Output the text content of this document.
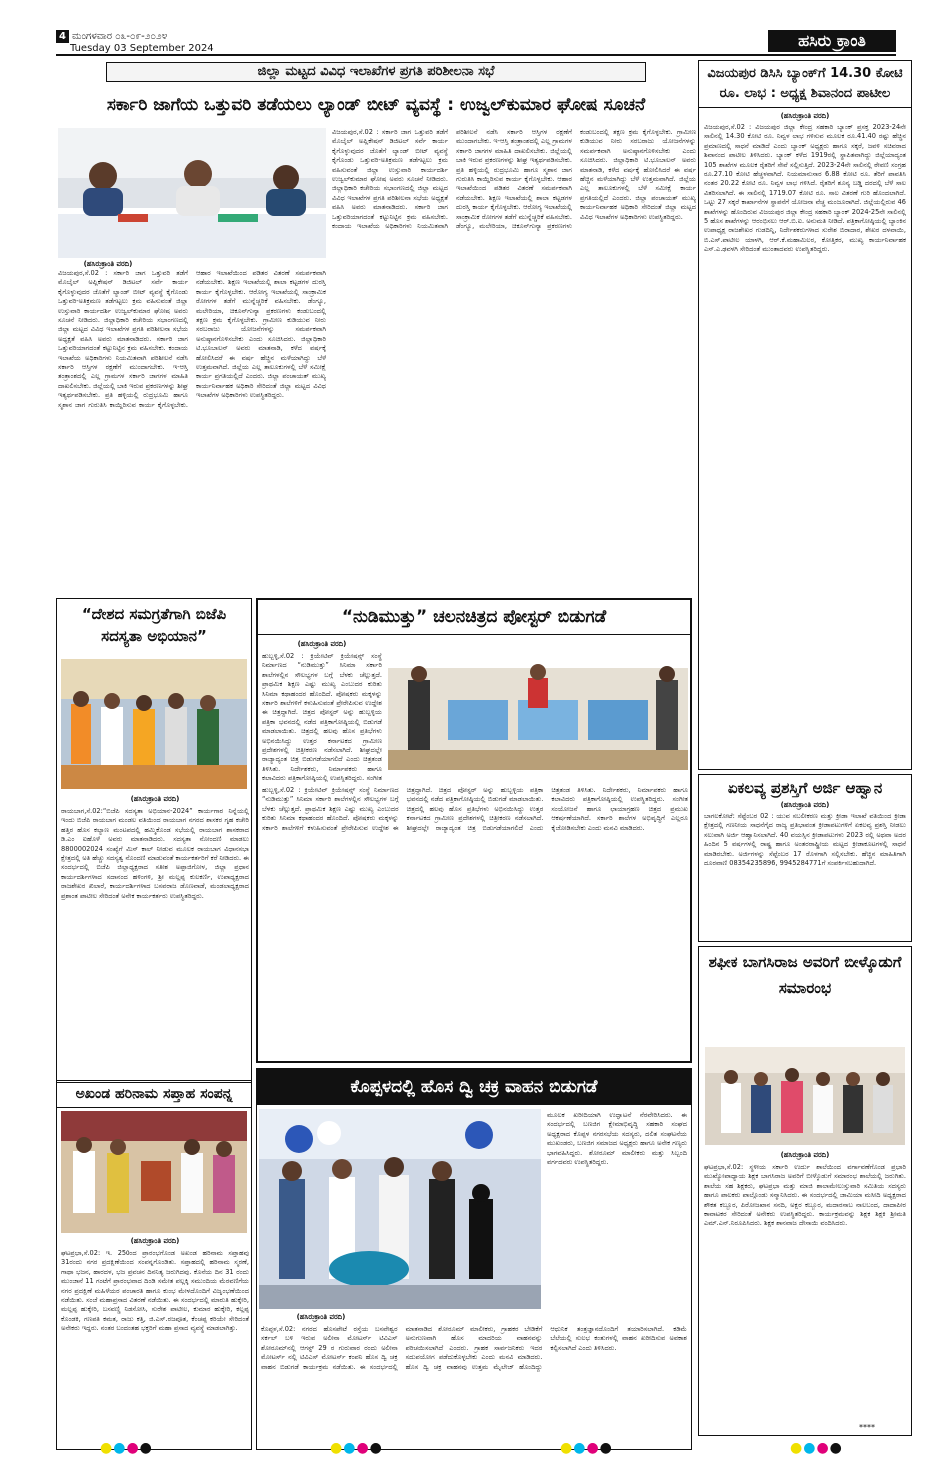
4 ಮಂಗಳವಾರ ೦೩-೦೯-೨೦೨೪
Tuesday 03 September 2024	ಹಸಿರು ಕ್ರಾಂತಿ
ಜಿಲ್ಲಾ ಮಟ್ಟದ ವಿವಿಧ ಇಲಾಖೆಗಳ ಪ್ರಗತಿ ಪರಿಶೀಲನಾ ಸಭೆ
ಸರ್ಕಾರಿ ಜಾಗೆಯ ಒತ್ತುವರಿ ತಡೆಯಲು ಲ್ಯಾಂಡ್ ಬೀಟ್ ವ್ಯವಸ್ಥೆ : ಉಜ್ವಲ್‌ಕುಮಾರ ಘೋಷ ಸೂಚನೆ
(ಹಸಿರುಕ್ರಾಂತಿ ವರದಿ)
ವಿಜಯಪುರ,ಸೆ.02 : ಸರ್ಕಾರಿ ಜಾಗ ಒತ್ತುವರಿ ತಡೆಗೆ ಮೊಬೈಲ್ ಅಪ್ಲಿಕೇಷನ್ ಡಿಜಿಟಲ್ ಸರ್ವೆ ಕಾರ್ಯ ಕೈಗೊಳ್ಳುವುದರ ಜೊತೆಗೆ ಲ್ಯಾಂಡ್ ಬೀಟ್ ವ್ಯವಸ್ಥೆ ಕೈಗೊಂಡು ಒತ್ತುವರಿ-ಅತಿಕ್ರಮಣ ತಡೆಗಟ್ಟಲು ಕ್ರಮ ವಹಿಸುವಂತೆ ಜಿಲ್ಲಾ ಉಸ್ತುವಾರಿ ಕಾರ್ಯದರ್ಶಿ ಉಜ್ವಲ್‌ಕುಮಾರ ಘೋಷ ಅವರು ಸೂಚನೆ ನೀಡಿದರು. ಜಿಲ್ಲಾಧಿಕಾರಿ ಕಚೇರಿಯ ಸಭಾಂಗಣದಲ್ಲಿ ಜಿಲ್ಲಾ ಮಟ್ಟದ ವಿವಿಧ ಇಲಾಖೆಗಳ ಪ್ರಗತಿ ಪರಿಶೀಲನಾ ಸಭೆಯ ಅಧ್ಯಕ್ಷತೆ ವಹಿಸಿ ಅವರು ಮಾತನಾಡಿದರು. ಸರ್ಕಾರಿ ಜಾಗ ಒತ್ತುವರಿಯಾಗದಂತೆ ಕಟ್ಟುನಿಟ್ಟಿನ ಕ್ರಮ ವಹಿಸಬೇಕು. ಕಂದಾಯ ಇಲಾಖೆಯ ಅಧಿಕಾರಿಗಳು ನಿಯಮಿತವಾಗಿ ಪರಿಶೀಲನೆ ನಡೆಸಿ ಸರ್ಕಾರಿ ಆಸ್ತಿಗಳ ರಕ್ಷಣೆಗೆ ಮುಂದಾಗಬೇಕು. ಇ-ಆಸ್ತಿ ತಂತ್ರಾಂಶದಲ್ಲಿ ಎಲ್ಲ ಗ್ರಾಮಗಳ ಸರ್ಕಾರಿ ಜಾಗಗಳ ಮಾಹಿತಿ ದಾಖಲಿಸಬೇಕು. ಜಿಲ್ಲೆಯಲ್ಲಿ ಬಾಕಿ ಇರುವ ಪ್ರಕರಣಗಳನ್ನು ಶೀಘ್ರ ಇತ್ಯರ್ಥಪಡಿಸಬೇಕು. ಪ್ರತಿ ಹಳ್ಳಿಯಲ್ಲಿ ರುದ್ರಭೂಮಿ ಹಾಗೂ ಸ್ಮಶಾನ ಜಾಗ ಗುರುತಿಸಿ ಕಾಯ್ದಿರಿಸುವ ಕಾರ್ಯ ಕೈಗೊಳ್ಳಬೇಕು. ಆಹಾರ ಇಲಾಖೆಯಿಂದ ಪಡಿತರ ವಿತರಣೆ ಸಮರ್ಪಕವಾಗಿ ನಡೆಯಬೇಕು. ಶಿಕ್ಷಣ ಇಲಾಖೆಯಲ್ಲಿ ಶಾಲಾ ಕಟ್ಟಡಗಳ ದುರಸ್ತಿ ಕಾರ್ಯ ಕೈಗೊಳ್ಳಬೇಕು. ಆರೋಗ್ಯ ಇಲಾಖೆಯಲ್ಲಿ ಸಾಂಕ್ರಾಮಿಕ ರೋಗಗಳ ತಡೆಗೆ ಮುನ್ನೆಚ್ಚರಿಕೆ ವಹಿಸಬೇಕು. ಡೆಂಗ್ಯೂ, ಮಲೇರಿಯಾ, ಚಿಕೂನ್‌ಗುನ್ಯಾ ಪ್ರಕರಣಗಳು ಕಂಡುಬಂದಲ್ಲಿ ತಕ್ಷಣ ಕ್ರಮ ಕೈಗೊಳ್ಳಬೇಕು. ಗ್ರಾಮೀಣ ಕುಡಿಯುವ ನೀರು ಸರಬರಾಜು ಯೋಜನೆಗಳನ್ನು ಸಮರ್ಪಕವಾಗಿ ಅನುಷ್ಠಾನಗೊಳಿಸಬೇಕು ಎಂದು ಸೂಚಿಸಿದರು. ಜಿಲ್ಲಾಧಿಕಾರಿ ಟಿ.ಭೂಬಾಲನ್ ಅವರು ಮಾತನಾಡಿ, ಕಳೆದ ವರ್ಷಕ್ಕೆ ಹೋಲಿಸಿದರೆ ಈ ವರ್ಷ ಹೆಚ್ಚಿನ ಮಳೆಯಾಗಿದ್ದು ಬೆಳೆ ಉತ್ತಮವಾಗಿದೆ. ಜಿಲ್ಲೆಯ ಎಲ್ಲ ತಾಲೂಕುಗಳಲ್ಲಿ ಬೆಳೆ ಸಮೀಕ್ಷೆ ಕಾರ್ಯ ಪ್ರಗತಿಯಲ್ಲಿದೆ ಎಂದರು. ಜಿಲ್ಲಾ ಪಂಚಾಯತ್ ಮುಖ್ಯ ಕಾರ್ಯನಿರ್ವಾಹಕ ಅಧಿಕಾರಿ ಸೇರಿದಂತೆ ಜಿಲ್ಲಾ ಮಟ್ಟದ ವಿವಿಧ ಇಲಾಖೆಗಳ ಅಧಿಕಾರಿಗಳು ಉಪಸ್ಥಿತರಿದ್ದರು.
ವಿಜಯಪುರ,ಸೆ.02 : ಸರ್ಕಾರಿ ಜಾಗ ಒತ್ತುವರಿ ತಡೆಗೆ ಮೊಬೈಲ್ ಅಪ್ಲಿಕೇಷನ್ ಡಿಜಿಟಲ್ ಸರ್ವೆ ಕಾರ್ಯ ಕೈಗೊಳ್ಳುವುದರ ಜೊತೆಗೆ ಲ್ಯಾಂಡ್ ಬೀಟ್ ವ್ಯವಸ್ಥೆ ಕೈಗೊಂಡು ಒತ್ತುವರಿ-ಅತಿಕ್ರಮಣ ತಡೆಗಟ್ಟಲು ಕ್ರಮ ವಹಿಸುವಂತೆ ಜಿಲ್ಲಾ ಉಸ್ತುವಾರಿ ಕಾರ್ಯದರ್ಶಿ ಉಜ್ವಲ್‌ಕುಮಾರ ಘೋಷ ಅವರು ಸೂಚನೆ ನೀಡಿದರು. ಜಿಲ್ಲಾಧಿಕಾರಿ ಕಚೇರಿಯ ಸಭಾಂಗಣದಲ್ಲಿ ಜಿಲ್ಲಾ ಮಟ್ಟದ ವಿವಿಧ ಇಲಾಖೆಗಳ ಪ್ರಗತಿ ಪರಿಶೀಲನಾ ಸಭೆಯ ಅಧ್ಯಕ್ಷತೆ ವಹಿಸಿ ಅವರು ಮಾತನಾಡಿದರು. ಸರ್ಕಾರಿ ಜಾಗ ಒತ್ತುವರಿಯಾಗದಂತೆ ಕಟ್ಟುನಿಟ್ಟಿನ ಕ್ರಮ ವಹಿಸಬೇಕು. ಕಂದಾಯ ಇಲಾಖೆಯ ಅಧಿಕಾರಿಗಳು ನಿಯಮಿತವಾಗಿ ಪರಿಶೀಲನೆ ನಡೆಸಿ ಸರ್ಕಾರಿ ಆಸ್ತಿಗಳ ರಕ್ಷಣೆಗೆ ಮುಂದಾಗಬೇಕು. ಇ-ಆಸ್ತಿ ತಂತ್ರಾಂಶದಲ್ಲಿ ಎಲ್ಲ ಗ್ರಾಮಗಳ ಸರ್ಕಾರಿ ಜಾಗಗಳ ಮಾಹಿತಿ ದಾಖಲಿಸಬೇಕು. ಜಿಲ್ಲೆಯಲ್ಲಿ ಬಾಕಿ ಇರುವ ಪ್ರಕರಣಗಳನ್ನು ಶೀಘ್ರ ಇತ್ಯರ್ಥಪಡಿಸಬೇಕು. ಪ್ರತಿ ಹಳ್ಳಿಯಲ್ಲಿ ರುದ್ರಭೂಮಿ ಹಾಗೂ ಸ್ಮಶಾನ ಜಾಗ ಗುರುತಿಸಿ ಕಾಯ್ದಿರಿಸುವ ಕಾರ್ಯ ಕೈಗೊಳ್ಳಬೇಕು. ಆಹಾರ ಇಲಾಖೆಯಿಂದ ಪಡಿತರ ವಿತರಣೆ ಸಮರ್ಪಕವಾಗಿ ನಡೆಯಬೇಕು. ಶಿಕ್ಷಣ ಇಲಾಖೆಯಲ್ಲಿ ಶಾಲಾ ಕಟ್ಟಡಗಳ ದುರಸ್ತಿ ಕಾರ್ಯ ಕೈಗೊಳ್ಳಬೇಕು. ಆರೋಗ್ಯ ಇಲಾಖೆಯಲ್ಲಿ ಸಾಂಕ್ರಾಮಿಕ ರೋಗಗಳ ತಡೆಗೆ ಮುನ್ನೆಚ್ಚರಿಕೆ ವಹಿಸಬೇಕು. ಡೆಂಗ್ಯೂ, ಮಲೇರಿಯಾ, ಚಿಕೂನ್‌ಗುನ್ಯಾ ಪ್ರಕರಣಗಳು ಕಂಡುಬಂದಲ್ಲಿ ತಕ್ಷಣ ಕ್ರಮ ಕೈಗೊಳ್ಳಬೇಕು. ಗ್ರಾಮೀಣ ಕುಡಿಯುವ ನೀರು ಸರಬರಾಜು ಯೋಜನೆಗಳನ್ನು ಸಮರ್ಪಕವಾಗಿ ಅನುಷ್ಠಾನಗೊಳಿಸಬೇಕು ಎಂದು ಸೂಚಿಸಿದರು. ಜಿಲ್ಲಾಧಿಕಾರಿ ಟಿ.ಭೂಬಾಲನ್ ಅವರು ಮಾತನಾಡಿ, ಕಳೆದ ವರ್ಷಕ್ಕೆ ಹೋಲಿಸಿದರೆ ಈ ವರ್ಷ ಹೆಚ್ಚಿನ ಮಳೆಯಾಗಿದ್ದು ಬೆಳೆ ಉತ್ತಮವಾಗಿದೆ. ಜಿಲ್ಲೆಯ ಎಲ್ಲ ತಾಲೂಕುಗಳಲ್ಲಿ ಬೆಳೆ ಸಮೀಕ್ಷೆ ಕಾರ್ಯ ಪ್ರಗತಿಯಲ್ಲಿದೆ ಎಂದರು. ಜಿಲ್ಲಾ ಪಂಚಾಯತ್ ಮುಖ್ಯ ಕಾರ್ಯನಿರ್ವಾಹಕ ಅಧಿಕಾರಿ ಸೇರಿದಂತೆ ಜಿಲ್ಲಾ ಮಟ್ಟದ ವಿವಿಧ ಇಲಾಖೆಗಳ ಅಧಿಕಾರಿಗಳು ಉಪಸ್ಥಿತರಿದ್ದರು.
ವಿಜಯಪುರ ಡಿಸಿಸಿ ಬ್ಯಾಂಕ್‌ಗೆ 14.30 ಕೋಟಿ ರೂ. ಲಾಭ : ಅಧ್ಯಕ್ಷ ಶಿವಾನಂದ ಪಾಟೀಲ
(ಹಸಿರುಕ್ರಾಂತಿ ವರದಿ)
ವಿಜಯಪುರ,ಸೆ.02 : ವಿಜಯಪುರ ಜಿಲ್ಲಾ ಕೇಂದ್ರ ಸಹಕಾರಿ ಬ್ಯಾಂಕ್ ಪ್ರಸಕ್ತ 2023-24ನೇ ಸಾಲಿನಲ್ಲಿ 14.30 ಕೋಟಿ ರೂ. ನಿವ್ವಳ ಲಾಭ ಗಳಿಸುವ ಮೂಲಕ ರೂ.41.40 ರಷ್ಟು ಹೆಚ್ಚಿನ ಪ್ರಮಾಣದಲ್ಲಿ ಸಾಧನೆ ಮಾಡಿದೆ ಎಂದು ಬ್ಯಾಂಕ್ ಅಧ್ಯಕ್ಷರು ಹಾಗೂ ಸಕ್ಕರೆ, ಜವಳಿ ಸಚಿವರಾದ ಶಿವಾನಂದ ಪಾಟೀಲ ತಿಳಿಸಿದರು. ಬ್ಯಾಂಕ್ ಕಳೆದ 1919ರಲ್ಲಿ ಸ್ಥಾಪಿತವಾಗಿದ್ದು ಜಿಲ್ಲೆಯಾದ್ಯಂತ 105 ಶಾಖೆಗಳ ಮೂಲಕ ರೈತರಿಗೆ ಸೇವೆ ಸಲ್ಲಿಸುತ್ತಿದೆ. 2023-24ನೇ ಸಾಲಿನಲ್ಲಿ ಠೇವಣಿ ಸಂಗ್ರಹ ರೂ.27.10 ಕೋಟಿ ಹೆಚ್ಚಳವಾಗಿದೆ. ನಿಯಮಾನುಸಾರ 6.88 ಕೋಟಿ ರೂ. ತೆರಿಗೆ ಪಾವತಿಸಿ ನಂತರ 20.22 ಕೋಟಿ ರೂ. ನಿವ್ವಳ ಲಾಭ ಗಳಿಸಿದೆ. ರೈತರಿಗೆ ಶೂನ್ಯ ಬಡ್ಡಿ ದರದಲ್ಲಿ ಬೆಳೆ ಸಾಲ ವಿತರಿಸಲಾಗಿದೆ. ಈ ಸಾಲಿನಲ್ಲಿ 1719.07 ಕೋಟಿ ರೂ. ಸಾಲ ವಿತರಣೆ ಗುರಿ ಹೊಂದಲಾಗಿದೆ. ಒಟ್ಟು 27 ಸಕ್ಕರೆ ಕಾರ್ಖಾನೆಗಳ ಸ್ಥಾಪನೆಗೆ ಯೋಜನಾ ವೆಚ್ಚ ಮಂಜೂರಾಗಿದೆ. ಜಿಲ್ಲೆಯಲ್ಲಿರುವ 46 ಶಾಖೆಗಳನ್ನು ಹೊಂದಿರುವ ವಿಜಯಪುರ ಜಿಲ್ಲಾ ಕೇಂದ್ರ ಸಹಕಾರಿ ಬ್ಯಾಂಕ್ 2024-25ನೇ ಸಾಲಿನಲ್ಲಿ 5 ಹೊಸ ಶಾಖೆಗಳನ್ನು ಆರಂಭಿಸಲು ಆರ್.ಬಿ.ಐ. ಅನುಮತಿ ನೀಡಿದೆ. ಪತ್ರಿಕಾಗೋಷ್ಠಿಯಲ್ಲಿ ಬ್ಯಾಂಕಿನ ಉಪಾಧ್ಯಕ್ಷ ರಾಜಶೇಖರ ಗುಡದಿನ್ನಿ, ನಿರ್ದೇಶಕರುಗಳಾದ ಸುರೇಶ ಬಿರಾದಾರ, ಶೇಖರ ದಳವಾಯಿ, ಬಿ.ಎಸ್.ಪಾಟೀಲ ಯಾಳಗಿ, ಆರ್.ಕೆ.ಮಹಾಮಿಲರ, ಕೋತ್ತಿಕರ, ಮುಖ್ಯ ಕಾರ್ಯನಿರ್ವಾಹಕ ಎಸ್.ಎ.ಢವಳಗಿ ಸೇರಿದಂತೆ ಮುಂತಾದವರು ಉಪಸ್ಥಿತರಿದ್ದರು.
“ದೇಶದ ಸಮಗ್ರತೆಗಾಗಿ ಬಿಜೆಪಿ ಸದಸ್ಯತಾ ಅಭಿಯಾನ”
(ಹಸಿರುಕ್ರಾಂತಿ ವರದಿ)
ರಾಯಬಾಗ,ಸೆ.02:“ಬಿಜೆಪಿ ಸದಸ್ಯತಾ ಅಭಿಯಾನ-2024” ಕಾರ್ಯಗಾರ ನಿನ್ನೆಯಲ್ಲಿ ಇಂದು ಬಿಜೆಪಿ ರಾಯಬಾಗ ಮಂಡಲ ವತಿಯಿಂದ ರಾಯಬಾಗ ನಗರದ ಶಾಸಕರ ಗೃಹ ಕಚೇರಿ ಹತ್ತಿರ ಹೊಸ ಕಲ್ಯಾಣ ಮಂಟಪದಲ್ಲಿ ಹಮ್ಮಿಕೊಂಡ ಸಭೆಯಲ್ಲಿ ರಾಯಬಾಗ ಶಾಸಕರಾದ ಡಿ.ಎಂ ಐಹೊಳೆ ಅವರು ಮಾತನಾಡಿದರು. ಸದಸ್ಯತಾ ನೋಂದಣಿ ಮಾಡಲು 8800002024 ಸಂಖ್ಯೆಗೆ ಮಿಸ್ ಕಾಲ್ ನೀಡುವ ಮೂಲಕ ರಾಯಬಾಗ ವಿಧಾನಸಭಾ ಕ್ಷೇತ್ರದಲ್ಲಿ ಅತಿ ಹೆಚ್ಚು ಸದಸ್ಯತ್ವ ನೊಂದಣಿ ಮಾಡುವಂತೆ ಕಾರ್ಯಕರ್ತರಿಗೆ ಕರೆ ನೀಡಿದರು. ಈ ಸಂದರ್ಭದಲ್ಲಿ ಬಿಜೆಪಿ ಜಿಲ್ಲಾಧ್ಯಕ್ಷರಾದ ಸತೀಶ ಅಪ್ಪಾಜಿಗೋಳ, ಜಿಲ್ಲಾ ಪ್ರಧಾನ ಕಾರ್ಯದರ್ಶಿಗಳಾದ ಸದಾನಂದ ಹಳಿಂಗಳಿ, ಶ್ರೀ ಮಲ್ಲಪ್ಪ ಕುಲಕರ್ಣಿ, ಉಪಾಧ್ಯಕ್ಷರಾದ ರಾಜಶೇಖರ ಖಿಲಾರೆ, ಕಾರ್ಯದರ್ಶಿಗಳಾದ ಬಸವರಾಜ ಡೊಣವಾಡೆ, ಮಂಡಲಾಧ್ಯಕ್ಷರಾದ ಪ್ರಶಾಂತ ಪಾಟೀಲ ಸೇರಿದಂತೆ ಅನೇಕ ಕಾರ್ಯಕರ್ತರು ಉಪಸ್ಥಿತರಿದ್ದರು.
“ನುಡಿಮುತ್ತು” ಚಲನಚಿತ್ರದ ಪೋಸ್ಟರ್ ಬಿಡುಗಡೆ
(ಹಸಿರುಕ್ರಾಂತಿ ವರದಿ)
ಹುಬ್ಬಳ್ಳಿ,ಸೆ.02 : ಕ್ರಿಯೇಟಿವ್ ಕ್ರಿಯೇಷನ್ಸ್ ಸಂಸ್ಥೆ ನಿರ್ಮಾಣದ “ನುಡಿಮುತ್ತು” ಸಿನಿಮಾ ಸರ್ಕಾರಿ ಶಾಲೆಗಳಲ್ಲಿನ ಸೌಲಭ್ಯಗಳ ಬಗ್ಗೆ ಬೆಳಕು ಚೆಲ್ಲುತ್ತದೆ. ಪ್ರಾಥಮಿಕ ಶಿಕ್ಷಣ ಎಷ್ಟು ಮುಖ್ಯ ಎಂಬುದರ ಕುರಿತು ಸಿನಿಮಾ ಕಥಾಹಂದರ ಹೊಂದಿದೆ. ಪೋಷಕರು ಮಕ್ಕಳನ್ನು ಸರ್ಕಾರಿ ಶಾಲೆಗಳಿಗೆ ಕಳುಹಿಸುವಂತೆ ಪ್ರೇರೇಪಿಸುವ ಉದ್ದೇಶ ಈ ಚಿತ್ರದ್ದಾಗಿದೆ. ಚಿತ್ರದ ಪೋಸ್ಟರ್ ಅನ್ನು ಹುಬ್ಬಳ್ಳಿಯ ಪತ್ರಿಕಾ ಭವನದಲ್ಲಿ ನಡೆದ ಪತ್ರಿಕಾಗೋಷ್ಠಿಯಲ್ಲಿ ಬಿಡುಗಡೆ ಮಾಡಲಾಯಿತು. ಚಿತ್ರದಲ್ಲಿ ಹಲವು ಹೊಸ ಪ್ರತಿಭೆಗಳು ಅಭಿನಯಿಸಿದ್ದು ಉತ್ತರ ಕರ್ನಾಟಕದ ಗ್ರಾಮೀಣ ಪ್ರದೇಶಗಳಲ್ಲಿ ಚಿತ್ರೀಕರಣ ನಡೆಸಲಾಗಿದೆ. ಶೀಘ್ರದಲ್ಲೇ ರಾಜ್ಯಾದ್ಯಂತ ಚಿತ್ರ ಬಿಡುಗಡೆಯಾಗಲಿದೆ ಎಂದು ಚಿತ್ರತಂಡ ತಿಳಿಸಿತು. ನಿರ್ದೇಶಕರು, ನಿರ್ಮಾಪಕರು ಹಾಗೂ ಕಲಾವಿದರು ಪತ್ರಿಕಾಗೋಷ್ಠಿಯಲ್ಲಿ ಉಪಸ್ಥಿತರಿದ್ದರು. ಸಂಗೀತ
ಹುಬ್ಬಳ್ಳಿ,ಸೆ.02 : ಕ್ರಿಯೇಟಿವ್ ಕ್ರಿಯೇಷನ್ಸ್ ಸಂಸ್ಥೆ ನಿರ್ಮಾಣದ “ನುಡಿಮುತ್ತು” ಸಿನಿಮಾ ಸರ್ಕಾರಿ ಶಾಲೆಗಳಲ್ಲಿನ ಸೌಲಭ್ಯಗಳ ಬಗ್ಗೆ ಬೆಳಕು ಚೆಲ್ಲುತ್ತದೆ. ಪ್ರಾಥಮಿಕ ಶಿಕ್ಷಣ ಎಷ್ಟು ಮುಖ್ಯ ಎಂಬುದರ ಕುರಿತು ಸಿನಿಮಾ ಕಥಾಹಂದರ ಹೊಂದಿದೆ. ಪೋಷಕರು ಮಕ್ಕಳನ್ನು ಸರ್ಕಾರಿ ಶಾಲೆಗಳಿಗೆ ಕಳುಹಿಸುವಂತೆ ಪ್ರೇರೇಪಿಸುವ ಉದ್ದೇಶ ಈ ಚಿತ್ರದ್ದಾಗಿದೆ. ಚಿತ್ರದ ಪೋಸ್ಟರ್ ಅನ್ನು ಹುಬ್ಬಳ್ಳಿಯ ಪತ್ರಿಕಾ ಭವನದಲ್ಲಿ ನಡೆದ ಪತ್ರಿಕಾಗೋಷ್ಠಿಯಲ್ಲಿ ಬಿಡುಗಡೆ ಮಾಡಲಾಯಿತು. ಚಿತ್ರದಲ್ಲಿ ಹಲವು ಹೊಸ ಪ್ರತಿಭೆಗಳು ಅಭಿನಯಿಸಿದ್ದು ಉತ್ತರ ಕರ್ನಾಟಕದ ಗ್ರಾಮೀಣ ಪ್ರದೇಶಗಳಲ್ಲಿ ಚಿತ್ರೀಕರಣ ನಡೆಸಲಾಗಿದೆ. ಶೀಘ್ರದಲ್ಲೇ ರಾಜ್ಯಾದ್ಯಂತ ಚಿತ್ರ ಬಿಡುಗಡೆಯಾಗಲಿದೆ ಎಂದು ಚಿತ್ರತಂಡ ತಿಳಿಸಿತು. ನಿರ್ದೇಶಕರು, ನಿರ್ಮಾಪಕರು ಹಾಗೂ ಕಲಾವಿದರು ಪತ್ರಿಕಾಗೋಷ್ಠಿಯಲ್ಲಿ ಉಪಸ್ಥಿತರಿದ್ದರು. ಸಂಗೀತ ಸಂಯೋಜನೆ ಹಾಗೂ ಛಾಯಾಗ್ರಹಣ ಚಿತ್ರದ ಪ್ರಮುಖ ಆಕರ್ಷಣೆಯಾಗಿದೆ. ಸರ್ಕಾರಿ ಶಾಲೆಗಳ ಅಭಿವೃದ್ಧಿಗೆ ಎಲ್ಲರೂ ಕೈಜೋಡಿಸಬೇಕು ಎಂದು ಮನವಿ ಮಾಡಿದರು.
ಅಖಂಡ ಹರಿನಾಮ ಸಪ್ತಾಹ ಸಂಪನ್ನ
(ಹಸಿರುಕ್ರಾಂತಿ ವರದಿ)
ಘಟಪ್ರಭಾ,ಸೆ.02: ಇ. 250ಂದ ಪ್ರಾರಂಭಗೊಂಡ ಅಖಂಡ ಹರಿನಾಮ ಸಪ್ತಾಹವು 31ರಂದು ನಗರ ಪ್ರದಕ್ಷಿಣೆಯಿಂದ ಸಂಪನ್ನಗೊಂಡಿತು. ಸಪ್ತಾಹದಲ್ಲಿ ಹರಿನಾಮ ಸ್ಮರಣೆ, ಗಾಥಾ ಭಜನ, ಹಾರದಳ, ಭಜ ಪ್ರವಚನ ದಿನನಿತ್ಯ ಜರುಗಿದವು. ಕೊನೆಯ ದಿನ 31 ರಂದು ಮುಂಜಾನೆ 11 ಗಂಟೆಗೆ ಪ್ರಾರಂಭವಾದ ದಿಂಡಿ ಸಮೇತ ಪಲ್ಲಕ್ಕಿ ಸಮುಂದಿಯ ಮೆರವಣಿಗೆಯ ನಗರ ಪ್ರದಕ್ಷಿಣೆ ಮಹಿಳೆಯರ ಪಂಚಾರತಿ ಹಾಗೂ ಕುಂಭ ಮೇಳದೊಂದಿಗೆ ವಿಜೃಂಭಣೆಯಿಂದ ನಡೆಯಿತು. ಸಂಜೆ ಮಹಾಪ್ರಸಾದ ವಿತರಣೆ ನಡೆಯಿತು. ಈ ಸಂದರ್ಭದಲ್ಲಿ ಮಾರುತಿ ಹುಕ್ಕೇರಿ, ಮಲ್ಲಪ್ಪ ಹುಕ್ಕೇರಿ, ಬಸವಣ್ಣಿ ನಿಡಸೋಸಿ, ಸುರೇಶ ಪಾಟೀಲ, ಕುಮಾರ ಹುಕ್ಕೇರಿ, ಕಲ್ಲಪ್ಪ ಕೊಂಡಕಿ, ಗಣಪತಿ ಕಮತ, ರಾಜು ಕತ್ತಿ, ಜಿ.ಎಸ್.ರಜಪೂತ, ಕೆಂಚಪ್ಪ ಕರಿಯೇ ಸೇರಿದಂತೆ ಅನೇಕರು ಇದ್ದರು. ನಂತರ ಬಂದಂತಹ ಭಕ್ತರಿಗೆ ಮಹಾ ಪ್ರಸಾದ ವ್ಯವಸ್ಥೆ ಮಾಡಲಾಗಿತ್ತು.
ಕೊಪ್ಪಳದಲ್ಲಿ ಹೊಸ ದ್ವಿ ಚಕ್ರ ವಾಹನ ಬಿಡುಗಡೆ
ಮೂಲಕ ಖರೀದಿಯಾಗಿ ಉದ್ಘಾಟನೆ ನೆರವೇರಿಸಿದರು. ಈ ಸಂದರ್ಭದಲ್ಲಿ ಬಣಜಿಗ ಕ್ಷೇಮಾಭಿವೃದ್ಧಿ ಸಹಕಾರಿ ಸಂಘದ ಅಧ್ಯಕ್ಷರಾದ ಕೊಪ್ಪಳ ನಗರಸಭೆಯ ಸದಸ್ಯರು, ದಲಿತ ಸಂಘಟನೆಯ ಮುಖಂಡರು, ಬಣಜಿಗ ಸಮಾಜದ ಅಧ್ಯಕ್ಷರು ಹಾಗೂ ಅನೇಕ ಗಣ್ಯರು ಭಾಗವಹಿಸಿದ್ದರು. ಶೋರೂಮ್ ಮಾಲೀಕರು ಮತ್ತು ಸಿಬ್ಬಂದಿ ವರ್ಗದವರು ಉಪಸ್ಥಿತರಿದ್ದರು.
(ಹಸಿರುಕ್ರಾಂತಿ ವರದಿ)
ಕೊಪ್ಪಳ,ಸೆ.02: ನಗರದ ಹೊಸಪೇಟೆ ರಸ್ತೆಯ ಬಸವೇಶ್ವರ ಸರ್ಕಲ್ ಬಳಿ ಇರುವ ಅಲೀನಾ ಮೋಟರ್ಸ್ ಟಿವಿಎಸ್ ಶೋರೂಮ್‌ನಲ್ಲಿ ಆಗಸ್ಟ್ 29 ರ ಗುರುವಾರ ರಂದು ಅಲೀನಾ ಮೋಟರ್ಸ್ ನಲ್ಲಿ ಟಿವಿಎಸ್ ಮೋಟರ್ಸ್ ಕಂಪನಿ ಹೊಸ ದ್ವಿ ಚಕ್ರ ವಾಹನ ಬಿಡುಗಡೆ ಕಾರ್ಯಕ್ರಮ ನಡೆಯಿತು. ಈ ಸಂದರ್ಭದಲ್ಲಿ ಮಾತನಾಡಿದ ಶೋರೂಮ್ ಮಾಲೀಕರು, ಗ್ರಾಹಕರ ಬೇಡಿಕೆಗೆ ಅನುಗುಣವಾಗಿ ಹೊಸ ಮಾದರಿಯ ವಾಹನವನ್ನು ಪರಿಚಯಿಸಲಾಗಿದೆ ಎಂದರು. ಗ್ರಾಹಕ ಸಾರ್ವಜನಿಕರು ಇದರ ಸದುಪಯೋಗ ಪಡೆದುಕೊಳ್ಳಬೇಕು ಎಂದು ಮನವಿ ಮಾಡಿದರು. ಹೊಸ ದ್ವಿ ಚಕ್ರ ವಾಹನವು ಉತ್ತಮ ಮೈಲೇಜ್ ಹೊಂದಿದ್ದು ಆಧುನಿಕ ತಂತ್ರಜ್ಞಾನದೊಂದಿಗೆ ತಯಾರಿಸಲಾಗಿದೆ. ಕಡಿಮೆ ಬೆಲೆಯಲ್ಲಿ ಸುಲಭ ಕಂತುಗಳಲ್ಲಿ ವಾಹನ ಖರೀದಿಸುವ ಅವಕಾಶ ಕಲ್ಪಿಸಲಾಗಿದೆ ಎಂದು ತಿಳಿಸಿದರು.
ಏಕಲವ್ಯ ಪ್ರಶಸ್ತಿಗೆ ಅರ್ಜಿ ಆಹ್ವಾನ
(ಹಸಿರುಕ್ರಾಂತಿ ವರದಿ)
ಬಾಗಲಕೋಟೆ: ಸೆಪ್ಟೆಂಬರ 02 : ಯುವ ಸಬಲೀಕರಣ ಮತ್ತು ಕ್ರೀಡಾ ಇಲಾಖೆ ವತಿಯಿಂದ ಕ್ರೀಡಾ ಕ್ಷೇತ್ರದಲ್ಲಿ ಗಣನೀಯ ಸಾಧನೆಗೈದ ರಾಜ್ಯ ಪ್ರತಿಭಾವಂತ ಕ್ರೀಡಾಪಟುಗಳಿಗೆ ಏಕಲವ್ಯ ಪ್ರಶಸ್ತಿ ನೀಡಲು ಸಲುವಾಗಿ ಅರ್ಜಿ ಆಹ್ವಾನಿಸಲಾಗಿದೆ. 40 ವಯಸ್ಸಿನ ಕ್ರೀಡಾಪಟುಗಳು 2023 ರಲ್ಲಿ ಅಥವಾ ಅದರ ಹಿಂದಿನ 5 ವರ್ಷಗಳಲ್ಲಿ ರಾಷ್ಟ್ರ ಹಾಗೂ ಅಂತರರಾಷ್ಟ್ರೀಯ ಮಟ್ಟದ ಕ್ರೀಡಾಕೂಟಗಳಲ್ಲಿ ಸಾಧನೆ ಮಾಡಿರಬೇಕು. ಅರ್ಜಿಗಳನ್ನು ಸೆಪ್ಟೆಂಬರ 17 ರೊಳಗಾಗಿ ಸಲ್ಲಿಸಬೇಕು. ಹೆಚ್ಚಿನ ಮಾಹಿತಿಗಾಗಿ ದೂರವಾಣಿ 08354235896, 9945284771ಗೆ ಸಂಪರ್ಕಿಸಬಹುದಾಗಿದೆ.
ಶಫೀಕ ಬಾಗಸಿರಾಜ ಅವರಿಗೆ ಬೀಳ್ಕೊಡುಗೆ ಸಮಾರಂಭ
(ಹಸಿರುಕ್ರಾಂತಿ ವರದಿ)
ಘಟಪ್ರಭಾ,ಸೆ.02: ಸ್ಥಳೀಯ ಸರ್ಕಾರಿ ಉರ್ದು ಶಾಲೆಯಿಂದ ವರ್ಗಾವಣೆಗೊಂಡ ಪ್ರಭಾರಿ ಮುಖ್ಯೋಪಾಧ್ಯಾಯ ಶಿಕ್ಷಕ ಬಾಗಸಿರಾಜ ಅವರಿಗೆ ಬೀಳ್ಕೊಡುಗೆ ಸಮಾರಂಭ ಶಾಲೆಯಲ್ಲಿ ಜರುಗಿತು. ಶಾಲೆಯ ಸಹ ಶಿಕ್ಷಕರು, ಘಟಪ್ರಭಾ ಮತ್ತು ಮಾಜಿ ಶಾಲಾಮೇಲುಸ್ತುವಾರಿ ಸಮಿತಿಯ ಸದಸ್ಯರು ಹಾಗೂ ಪಾಲಕರು ಪಾಲ್ಗೊಂಡು ಸನ್ಮಾನಿಸಿದರು. ಈ ಸಂದರ್ಭದಲ್ಲಿ ಜಾಮಿಯಾ ಮಸೀದಿ ಅಧ್ಯಕ್ಷರಾದ ಶೌಕತ ಕಬ್ಬೂರ, ಪಿರೋಜಖಾನ ಸನದಿ, ಅಕ್ಬರ ಕಬ್ಬೂರ, ಮದಾರಸಾಬ ನಾಲಬಂದ, ದಾದಾಪೀರ ಕಾವಾಟಕರ ಸೇರಿದಂತೆ ಅನೇಕರು ಉಪಸ್ಥಿತರಿದ್ದರು. ಕಾರ್ಯಕ್ರಮವನ್ನು ಶಿಕ್ಷಕ ಶಿಕ್ಷಕಿ ಶ್ರೀಮತಿ ಎಮ್.ಎನ್.ನಿರೂಪಿಸಿದರು. ಶಿಕ್ಷಕ ಶಾನವಾಜ ದೇಸಾಯಿ ವಂದಿಸಿದರು.
****
●●●●	●●●●	●●●●	●●●●
